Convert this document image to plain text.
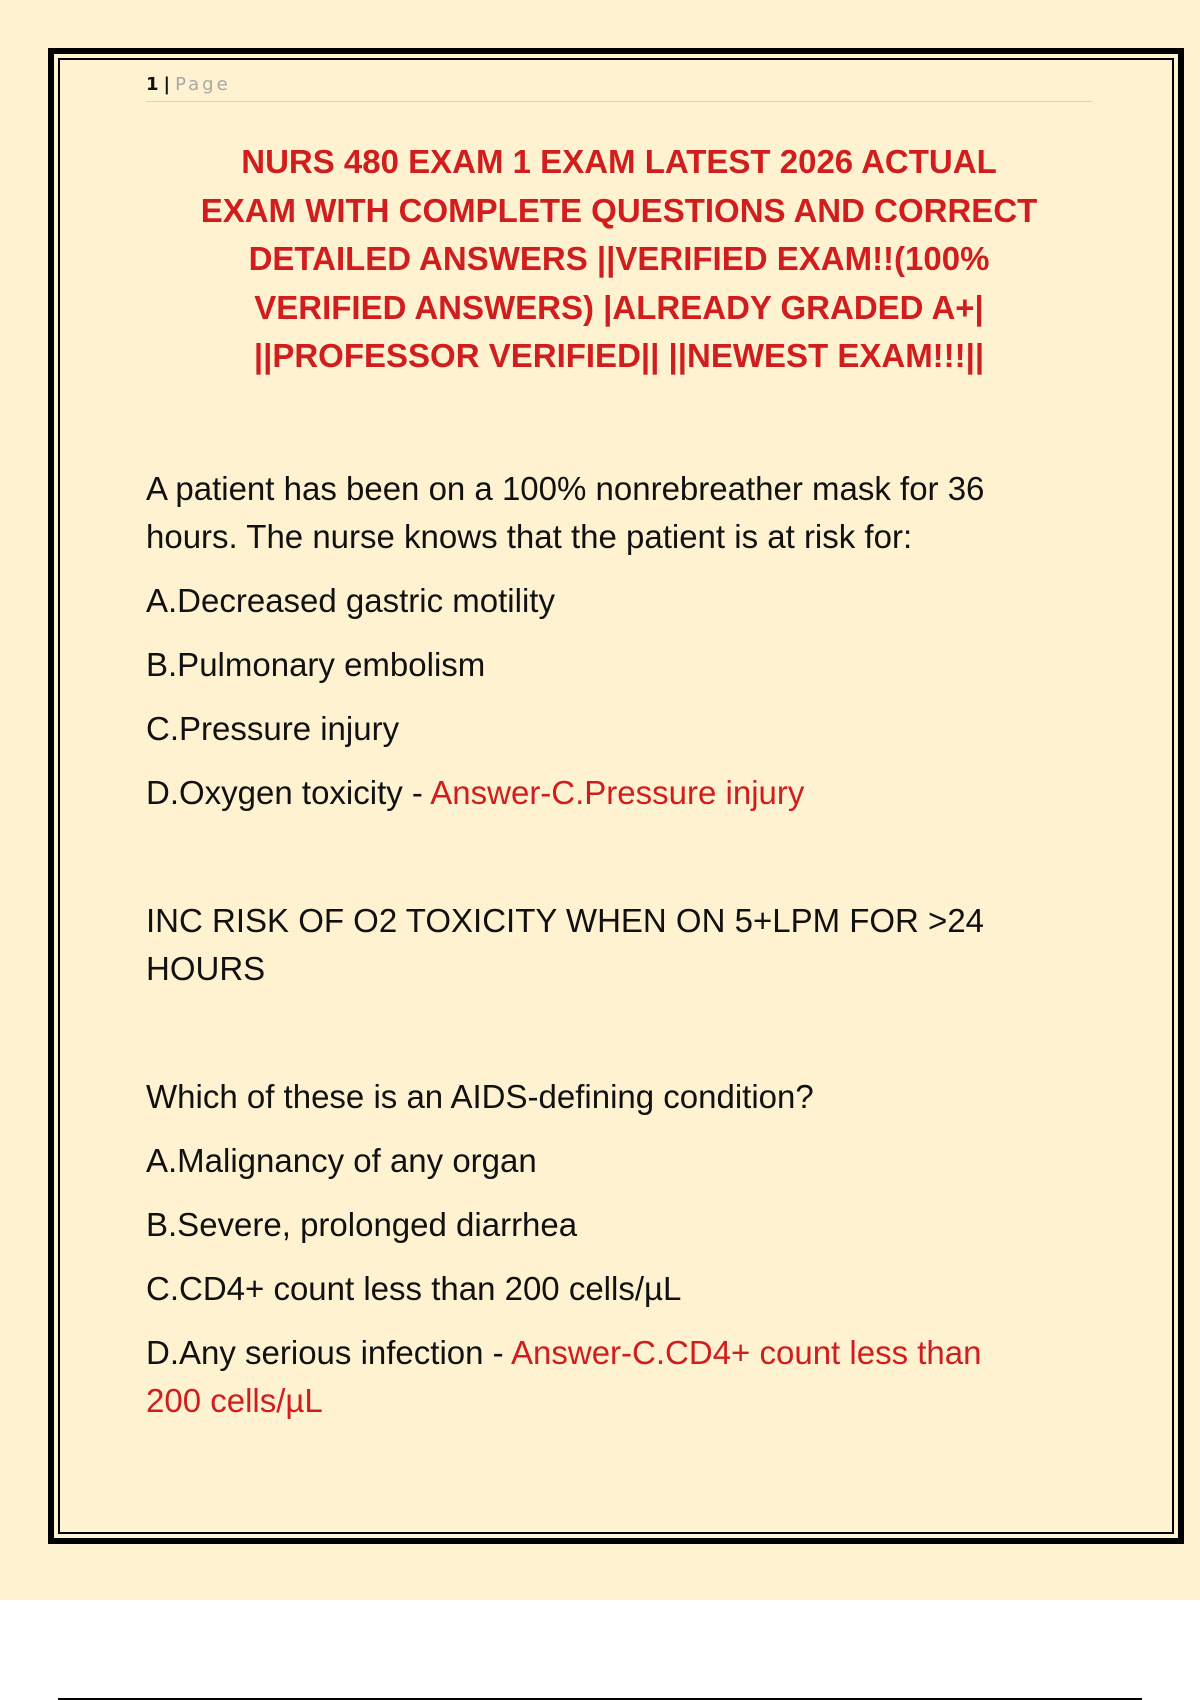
1 | Page
NURS 480 EXAM 1 EXAM LATEST 2026 ACTUAL
EXAM WITH COMPLETE QUESTIONS AND CORRECT
DETAILED ANSWERS ||VERIFIED EXAM!!(100%
VERIFIED ANSWERS) |ALREADY GRADED A+|
||PROFESSOR VERIFIED|| ||NEWEST EXAM!!!||
A patient has been on a 100% nonrebreather mask for 36
hours. The nurse knows that the patient is at risk for:
A.Decreased gastric motility
B.Pulmonary embolism
C.Pressure injury
D.Oxygen toxicity - Answer-C.Pressure injury
INC RISK OF O2 TOXICITY WHEN ON 5+LPM FOR >24
HOURS
Which of these is an AIDS-defining condition?
A.Malignancy of any organ
B.Severe, prolonged diarrhea
C.CD4+ count less than 200 cells/µL
D.Any serious infection - Answer-C.CD4+ count less than
200 cells/µL
